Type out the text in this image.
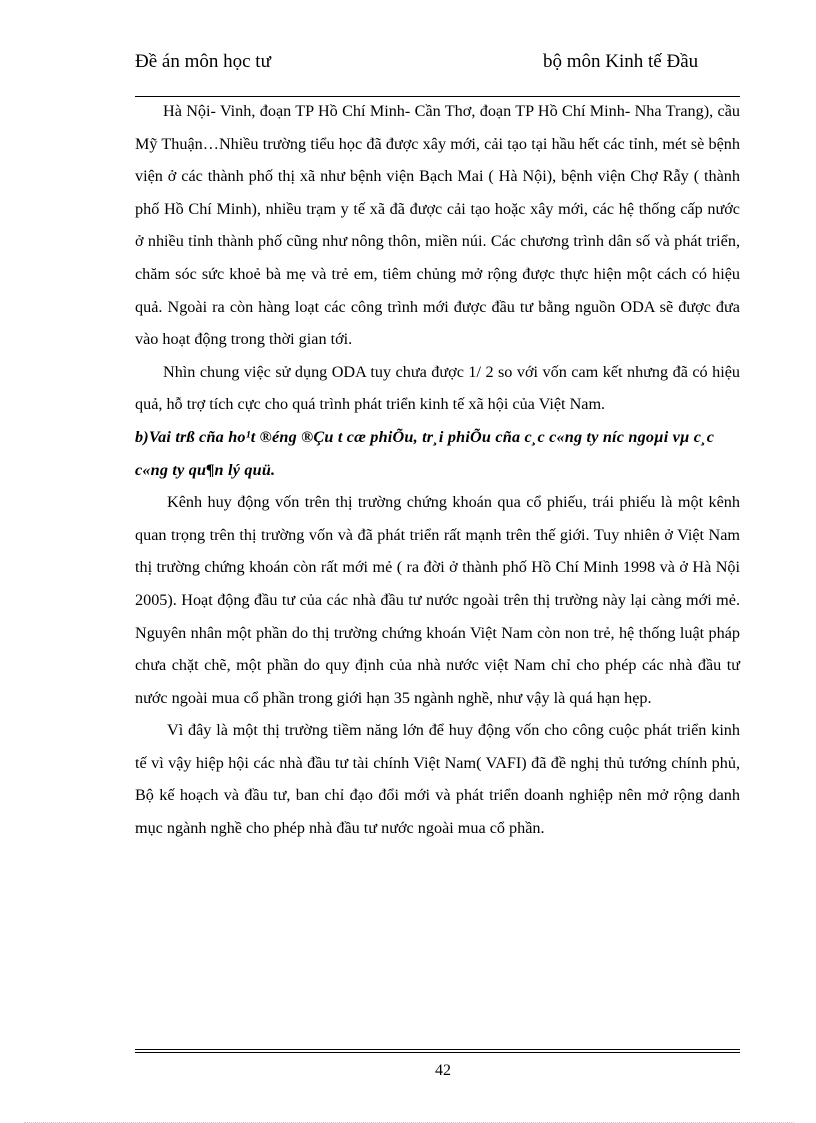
Đề án môn học tư	bộ môn Kinh tế Đầu

Hà Nội- Vinh, đoạn TP Hồ Chí Minh- Cần Thơ, đoạn TP Hồ Chí Minh- Nha Trang), cầu Mỹ Thuận…Nhiều trường tiểu học đã được xây mới, cải tạo tại hầu hết các tỉnh, mét sè bệnh viện ở các thành phố thị xã như bệnh viện Bạch Mai ( Hà Nội), bệnh viện Chợ Rẫy ( thành phố Hồ Chí Minh), nhiều trạm y tế xã đã được cải tạo hoặc xây mới, các hệ thống cấp nước ở nhiều tỉnh thành phố cũng như nông thôn, miền núi. Các chương trình dân số và phát triển, chăm sóc sức khoẻ bà mẹ và trẻ em, tiêm chủng mở rộng được thực hiện một cách có hiệu quả. Ngoài ra còn hàng loạt các công trình mới được đầu tư bằng nguồn ODA sẽ được đưa vào hoạt động trong thời gian tới.

Nhìn chung việc sử dụng ODA tuy chưa được 1/ 2 so với vốn cam kết nhưng đã có hiệu quả, hỗ trợ tích cực cho quá trình phát triển kinh tế xã hội của Việt Nam.

b)Vai trß cña ho¹t ®éng ®Çu t cæ phiÕu, tr¸i phiÕu cña c¸c c«ng ty níc ngoµi vµ c¸c c«ng ty qu¶n lý quü.

Kênh huy động vốn trên thị trường chứng khoán qua cổ phiếu, trái phiếu là một kênh quan trọng trên thị trường vốn và đã phát triển rất mạnh trên thế giới. Tuy nhiên ở Việt Nam thị trường chứng khoán còn rất mới mẻ ( ra đời ở thành phố Hồ Chí Minh 1998 và ở Hà Nội 2005). Hoạt động đầu tư của các nhà đầu tư nước ngoài trên thị trường này lại càng mới mẻ. Nguyên nhân một phần do thị trường chứng khoán Việt Nam còn non trẻ, hệ thống luật pháp chưa chặt chẽ, một phần do quy định của nhà nước việt Nam chỉ cho phép các nhà đầu tư nước ngoài mua cổ phần trong giới hạn 35 ngành nghề, như vậy là quá hạn hẹp.

Vì đây là một thị trường tiềm năng lớn để huy động vốn cho công cuộc phát triển kinh tế vì vậy hiệp hội các nhà đầu tư tài chính Việt Nam( VAFI) đã đề nghị thủ tướng chính phủ, Bộ kế hoạch và đầu tư, ban chỉ đạo đổi mới và phát triển doanh nghiệp nên mở rộng danh mục ngành nghề cho phép nhà đầu tư nước ngoài mua cổ phần.

42
